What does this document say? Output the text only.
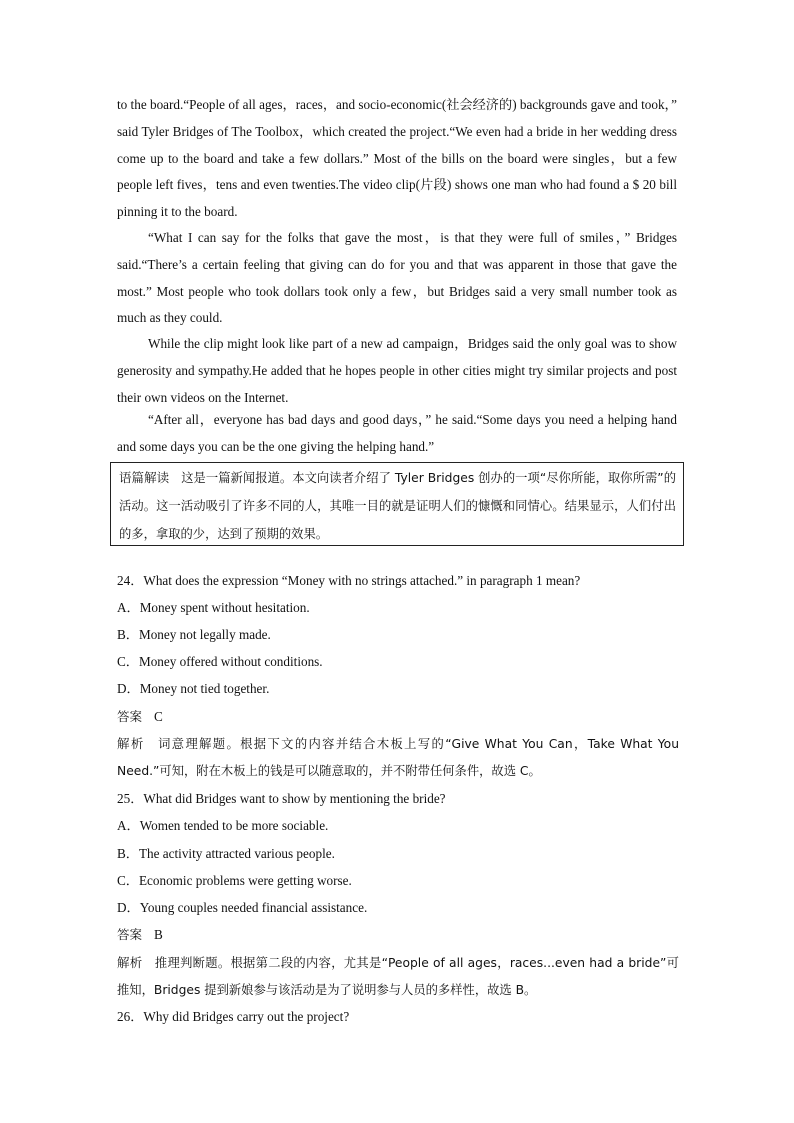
to the board.“People of all ages，races，and socio-economic(社会经济的) backgrounds gave and took，” said Tyler Bridges of The Toolbox，which created the project.“We even had a bride in her wedding dress come up to the board and take a few dollars.” Most of the bills on the board were singles，but a few people left fives，tens and even twenties.The video clip(片段) shows one man who had found a $ 20 bill pinning it to the board.

“What I can say for the folks that gave the most，is that they were full of smiles，” Bridges said.“There’s a certain feeling that giving can do for you and that was apparent in those that gave the most.” Most people who took dollars took only a few，but Bridges said a very small number took as much as they could.

While the clip might look like part of a new ad campaign，Bridges said the only goal was to show generosity and sympathy.He added that he hopes people in other cities might try similar projects and post their own videos on the Internet.

“After all，everyone has bad days and good days，” he said.“Some days you need a helping hand and some days you can be the one giving the helping hand.”

语篇解读 这是一篇新闻报道。本文向读者介绍了 Tyler Bridges 创办的一项“尽你所能，取你所需”的活动。这一活动吸引了许多不同的人，其唯一目的就是证明人们的慷慨和同情心。结果显示，人们付出的多，拿取的少，达到了预期的效果。

24．What does the expression “Money with no strings attached.” in paragraph 1 mean?

A．Money spent without hesitation.

B．Money not legally made.

C．Money offered without conditions.

D．Money not tied together.

答案 C

解析 词意理解题。根据下文的内容并结合木板上写的“Give What You Can，Take What You Need.”可知，附在木板上的钱是可以随意取的，并不附带任何条件，故选 C。

25．What did Bridges want to show by mentioning the bride?

A．Women tended to be more sociable.

B．The activity attracted various people.

C．Economic problems were getting worse.

D．Young couples needed financial assistance.

答案 B

解析 推理判断题。根据第二段的内容，尤其是“People of all ages，races...even had a bride”可推知，Bridges 提到新娘参与该活动是为了说明参与人员的多样性，故选 B。

26．Why did Bridges carry out the project?
